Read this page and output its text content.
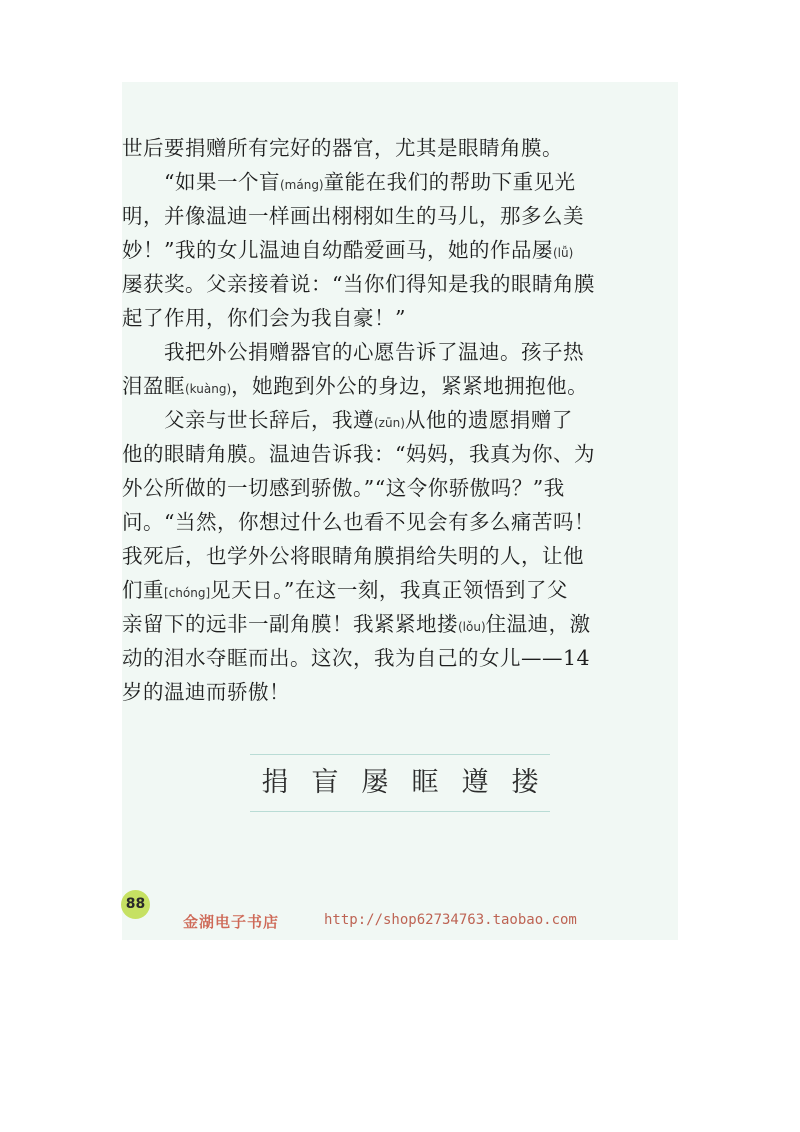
世后要捐赠所有完好的器官，尤其是眼睛角膜。

“如果一个盲(máng)童能在我们的帮助下重见光

明，并像温迪一样画出栩栩如生的马儿，那多么美

妙！”我的女儿温迪自幼酷爱画马，她的作品屡(lǚ)

屡获奖。父亲接着说：“当你们得知是我的眼睛角膜

起了作用，你们会为我自豪！”

我把外公捐赠器官的心愿告诉了温迪。孩子热

泪盈眶(kuàng)，她跑到外公的身边，紧紧地拥抱他。

父亲与世长辞后，我遵(zūn)从他的遗愿捐赠了

他的眼睛角膜。温迪告诉我：“妈妈，我真为你、为

外公所做的一切感到骄傲。”“这令你骄傲吗？”我

问。“当然，你想过什么也看不见会有多么痛苦吗！

我死后，也学外公将眼睛角膜捐给失明的人，让他

们重[chóng]见天日。”在这一刻，我真正领悟到了父

亲留下的远非一副角膜！我紧紧地搂(lǒu)住温迪，激

动的泪水夺眶而出。这次，我为自己的女儿——14

岁的温迪而骄傲！

捐 盲 屡 眶 遵 搂
88
金湖电子书店	http://shop62734763.taobao.com
